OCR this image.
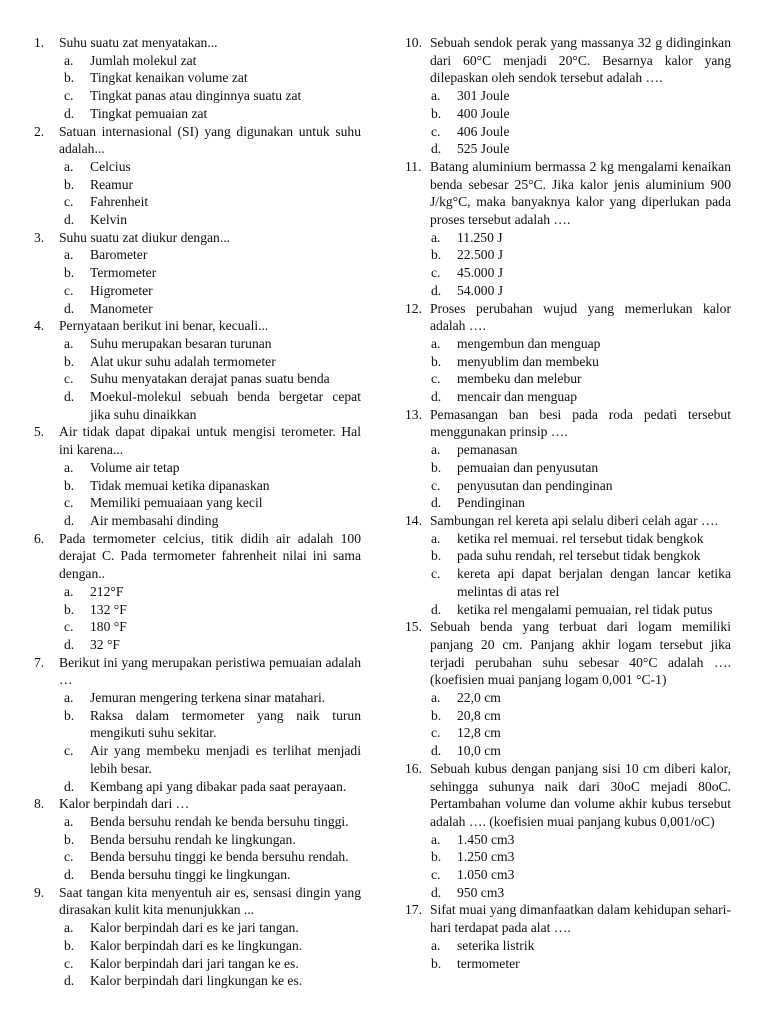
1.	Suhu suatu zat menyatakan...
a.	Jumlah molekul zat
b.	Tingkat kenaikan volume zat
c.	Tingkat panas atau dinginnya suatu zat
d.	Tingkat pemuaian zat
2.	Satuan internasional (SI) yang digunakan untuk suhu adalah...
a.	Celcius
b.	Reamur
c.	Fahrenheit
d.	Kelvin
3.	Suhu suatu zat diukur dengan...
a.	Barometer
b.	Termometer
c.	Higrometer
d.	Manometer
4.	Pernyataan berikut ini benar, kecuali...
a.	Suhu merupakan besaran turunan
b.	Alat ukur suhu adalah termometer
c.	Suhu menyatakan derajat panas suatu benda
d.	Moekul-molekul sebuah benda bergetar cepat jika suhu dinaikkan
5.	Air tidak dapat dipakai untuk mengisi terometer. Hal ini karena...
a.	Volume air tetap
b.	Tidak memuai ketika dipanaskan
c.	Memiliki pemuaiaan yang kecil
d.	Air membasahi dinding
6.	Pada termometer celcius, titik didih air adalah 100 derajat C. Pada termometer fahrenheit nilai ini sama dengan..
a.	212°F
b.	132 °F
c.	180 °F
d.	32 °F
7.	Berikut ini yang merupakan peristiwa pemuaian adalah …
a.	Jemuran mengering terkena sinar matahari.
b.	Raksa dalam termometer yang naik turun mengikuti suhu sekitar.
c.	Air yang membeku menjadi es terlihat menjadi lebih besar.
d.	Kembang api yang dibakar pada saat perayaan.
8.	Kalor berpindah dari …
a.	Benda bersuhu rendah ke benda bersuhu tinggi.
b.	Benda bersuhu rendah ke lingkungan.
c.	Benda bersuhu tinggi ke benda bersuhu rendah.
d.	Benda bersuhu tinggi ke lingkungan.
9.	Saat tangan kita menyentuh air es, sensasi dingin yang dirasakan kulit kita menunjukkan ...
a.	Kalor berpindah dari es ke jari tangan.
b.	Kalor berpindah dari es ke lingkungan.
c.	Kalor berpindah dari jari tangan ke es.
d.	Kalor berpindah dari lingkungan ke es.
10. Sebuah sendok perak yang massanya 32 g didinginkan dari 60°C menjadi 20°C. Besarnya kalor yang dilepaskan oleh sendok tersebut adalah ….
a.	301 Joule
b.	400 Joule
c.	406 Joule
d.	525 Joule
11. Batang aluminium bermassa 2 kg mengalami kenaikan benda sebesar 25°C. Jika kalor jenis aluminium 900 J/kg°C, maka banyaknya kalor yang diperlukan pada proses tersebut adalah ….
a.	11.250 J
b.	22.500 J
c.	45.000 J
d.	54.000 J
12. Proses perubahan wujud yang memerlukan kalor adalah ….
a.	mengembun dan menguap
b.	menyublim dan membeku
c.	membeku dan melebur
d.	mencair dan menguap
13. Pemasangan ban besi pada roda pedati tersebut menggunakan prinsip ….
a.	pemanasan
b.	pemuaian dan penyusutan
c.	penyusutan dan pendinginan
d.	Pendinginan
14. Sambungan rel kereta api selalu diberi celah agar ….
a.	ketika rel memuai. rel tersebut tidak bengkok
b.	pada suhu rendah, rel tersebut tidak bengkok
c.	kereta api dapat berjalan dengan lancar ketika melintas di atas rel
d.	ketika rel mengalami pemuaian, rel tidak putus
15. Sebuah benda yang terbuat dari logam memiliki panjang 20 cm. Panjang akhir logam tersebut jika terjadi perubahan suhu sebesar 40°C adalah …. (koefisien muai panjang logam 0,001 °C-1)
a.	22,0 cm
b.	20,8 cm
c.	12,8 cm
d.	10,0 cm
16. Sebuah kubus dengan panjang sisi 10 cm diberi kalor, sehingga suhunya naik dari 30oC mejadi 80oC. Pertambahan volume dan volume akhir kubus tersebut adalah …. (koefisien muai panjang kubus 0,001/oC)
a.	1.450 cm3
b.	1.250 cm3
c.	1.050 cm3
d.	950 cm3
17. Sifat muai yang dimanfaatkan dalam kehidupan sehari-hari terdapat pada alat ….
a.	seterika listrik
b.	termometer
